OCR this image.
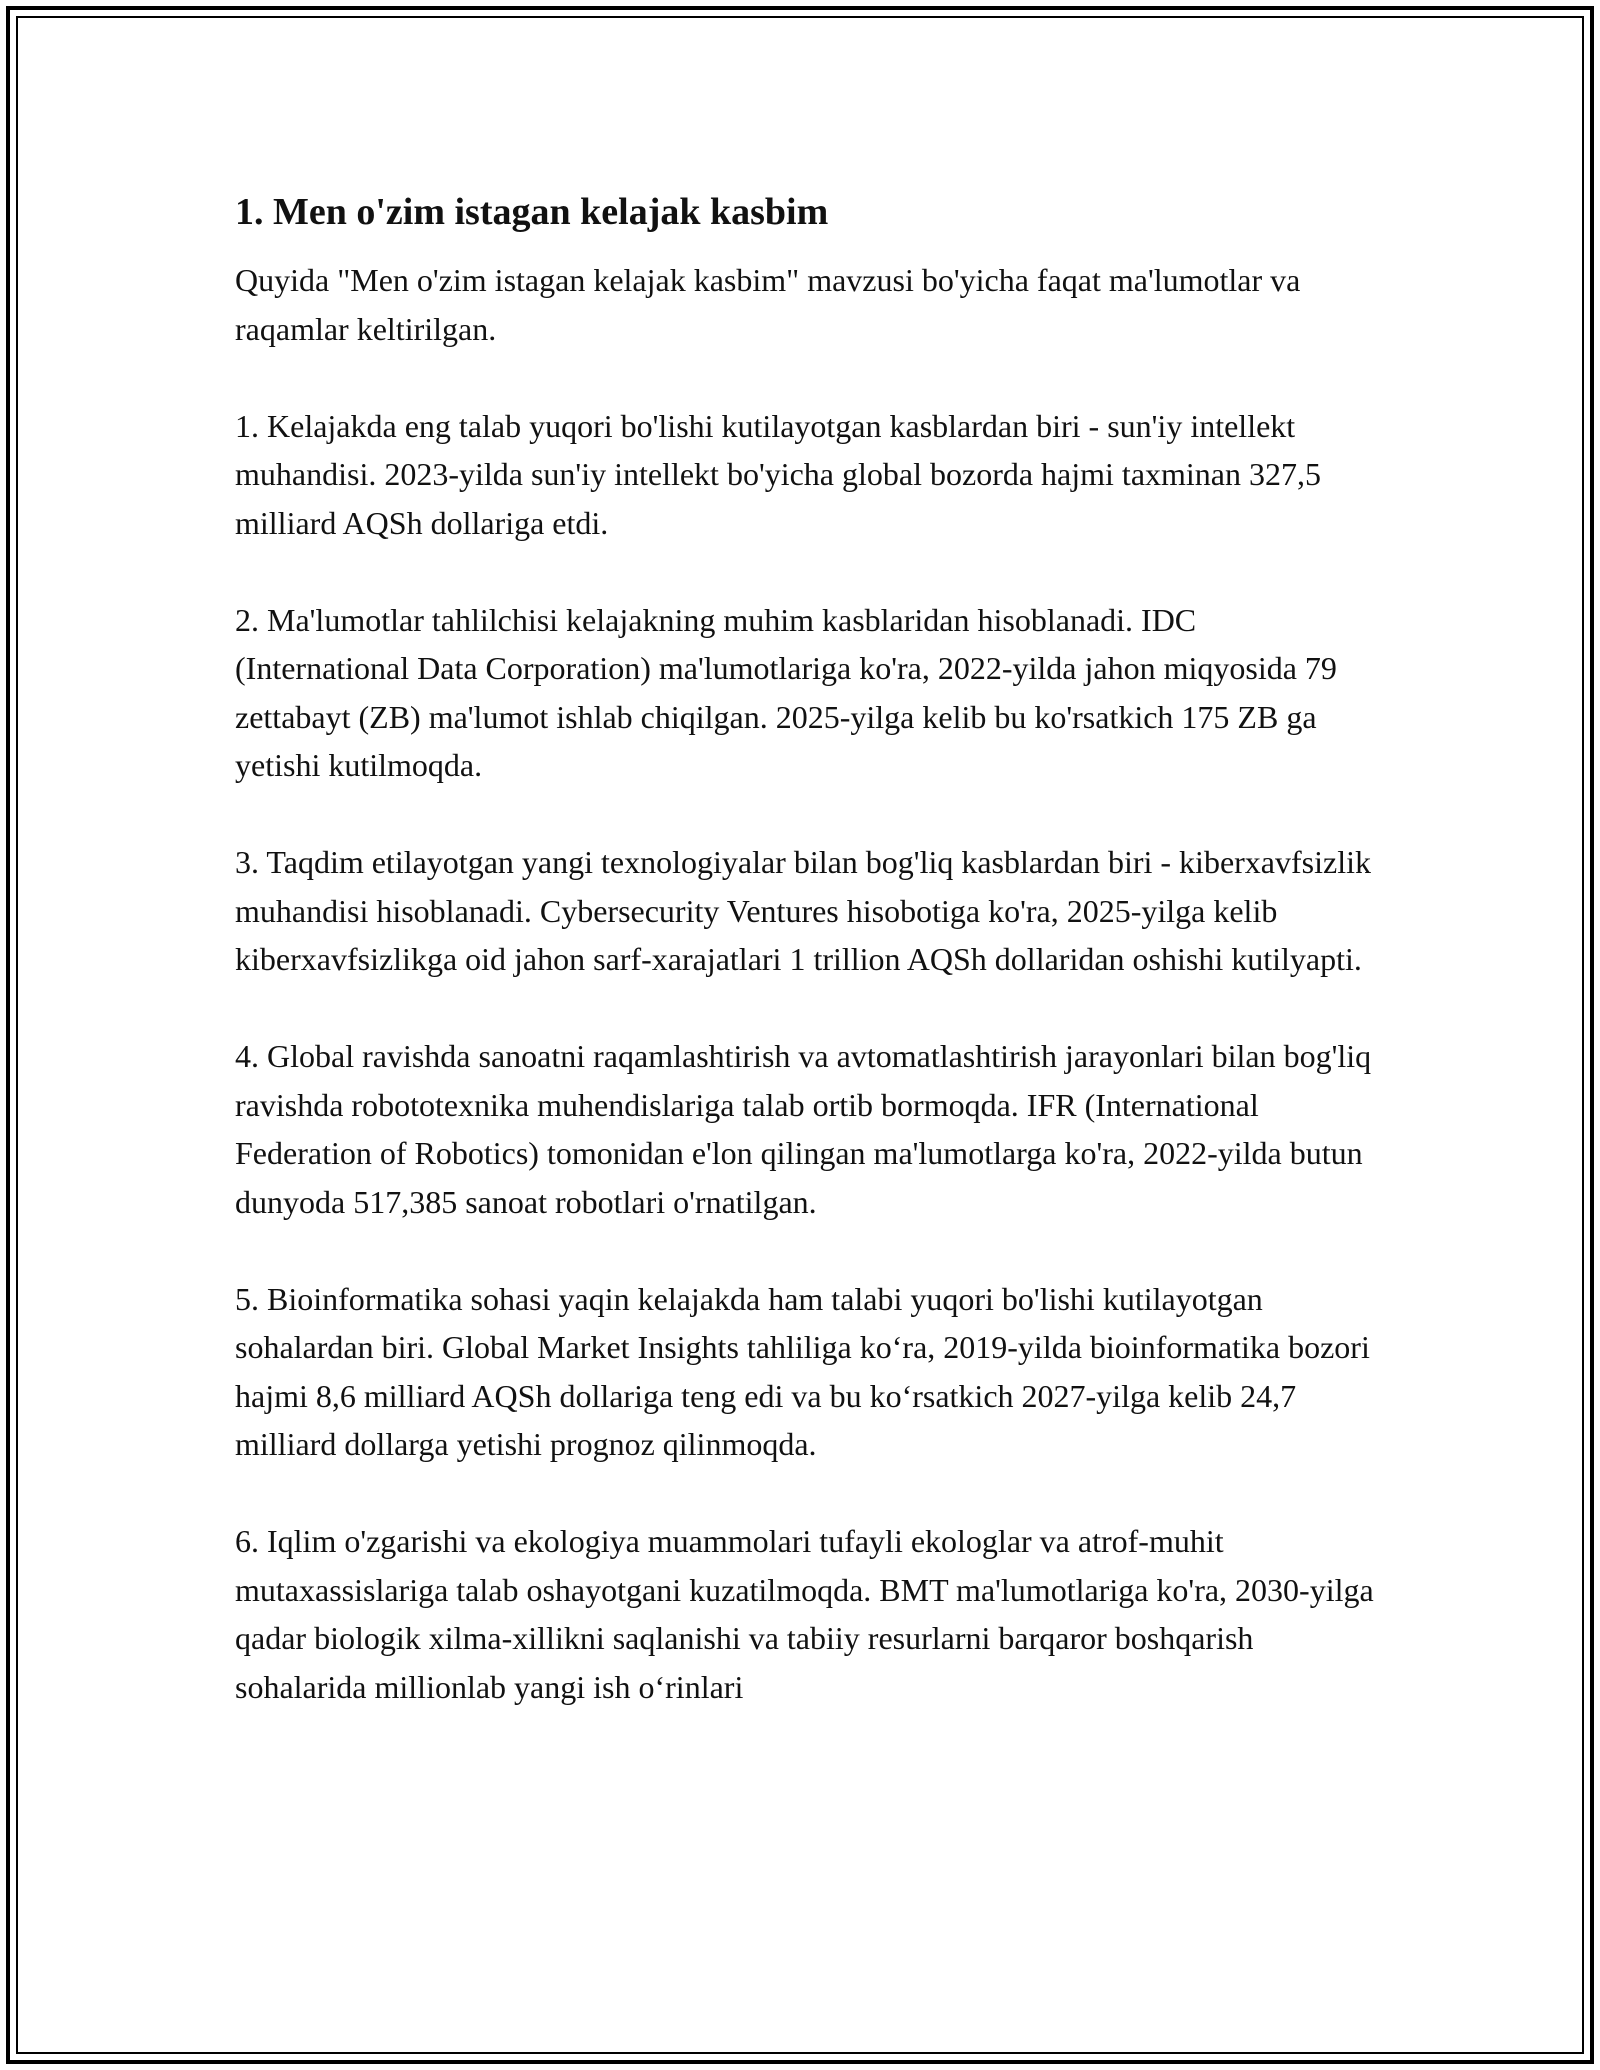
1. Men o'zim istagan kelajak kasbim

Quyida "Men o'zim istagan kelajak kasbim" mavzusi bo'yicha faqat ma'lumotlar va raqamlar keltirilgan.

1. Kelajakda eng talab yuqori bo'lishi kutilayotgan kasblardan biri - sun'iy intellekt muhandisi. 2023-yilda sun'iy intellekt bo'yicha global bozorda hajmi taxminan 327,5 milliard AQSh dollariga etdi.

2. Ma'lumotlar tahlilchisi kelajakning muhim kasblaridan hisoblanadi. IDC (International Data Corporation) ma'lumotlariga ko'ra, 2022-yilda jahon miqyosida 79 zettabayt (ZB) ma'lumot ishlab chiqilgan. 2025-yilga kelib bu ko'rsatkich 175 ZB ga yetishi kutilmoqda.

3. Taqdim etilayotgan yangi texnologiyalar bilan bog'liq kasblardan biri - kiberxavfsizlik muhandisi hisoblanadi. Cybersecurity Ventures hisobotiga ko'ra, 2025-yilga kelib kiberxavfsizlikga oid jahon sarf-xarajatlari 1 trillion AQSh dollaridan oshishi kutilyapti.

4. Global ravishda sanoatni raqamlashtirish va avtomatlashtirish jarayonlari bilan bog'liq ravishda robototexnika muhendislariga talab ortib bormoqda. IFR (International Federation of Robotics) tomonidan e'lon qilingan ma'lumotlarga ko'ra, 2022-yilda butun dunyoda 517,385 sanoat robotlari o'rnatilgan.

5. Bioinformatika sohasi yaqin kelajakda ham talabi yuqori bo'lishi kutilayotgan sohalardan biri. Global Market Insights tahliliga ko‘ra, 2019-yilda bioinformatika bozori hajmi 8,6 milliard AQSh dollariga teng edi va bu ko‘rsatkich 2027-yilga kelib 24,7 milliard dollarga yetishi prognoz qilinmoqda.

6. Iqlim o'zgarishi va ekologiya muammolari tufayli ekologlar va atrof-muhit mutaxassislariga talab oshayotgani kuzatilmoqda. BMT ma'lumotlariga ko'ra, 2030-yilga qadar biologik xilma-xillikni saqlanishi va tabiiy resurlarni barqaror boshqarish sohalarida millionlab yangi ish o‘rinlari
